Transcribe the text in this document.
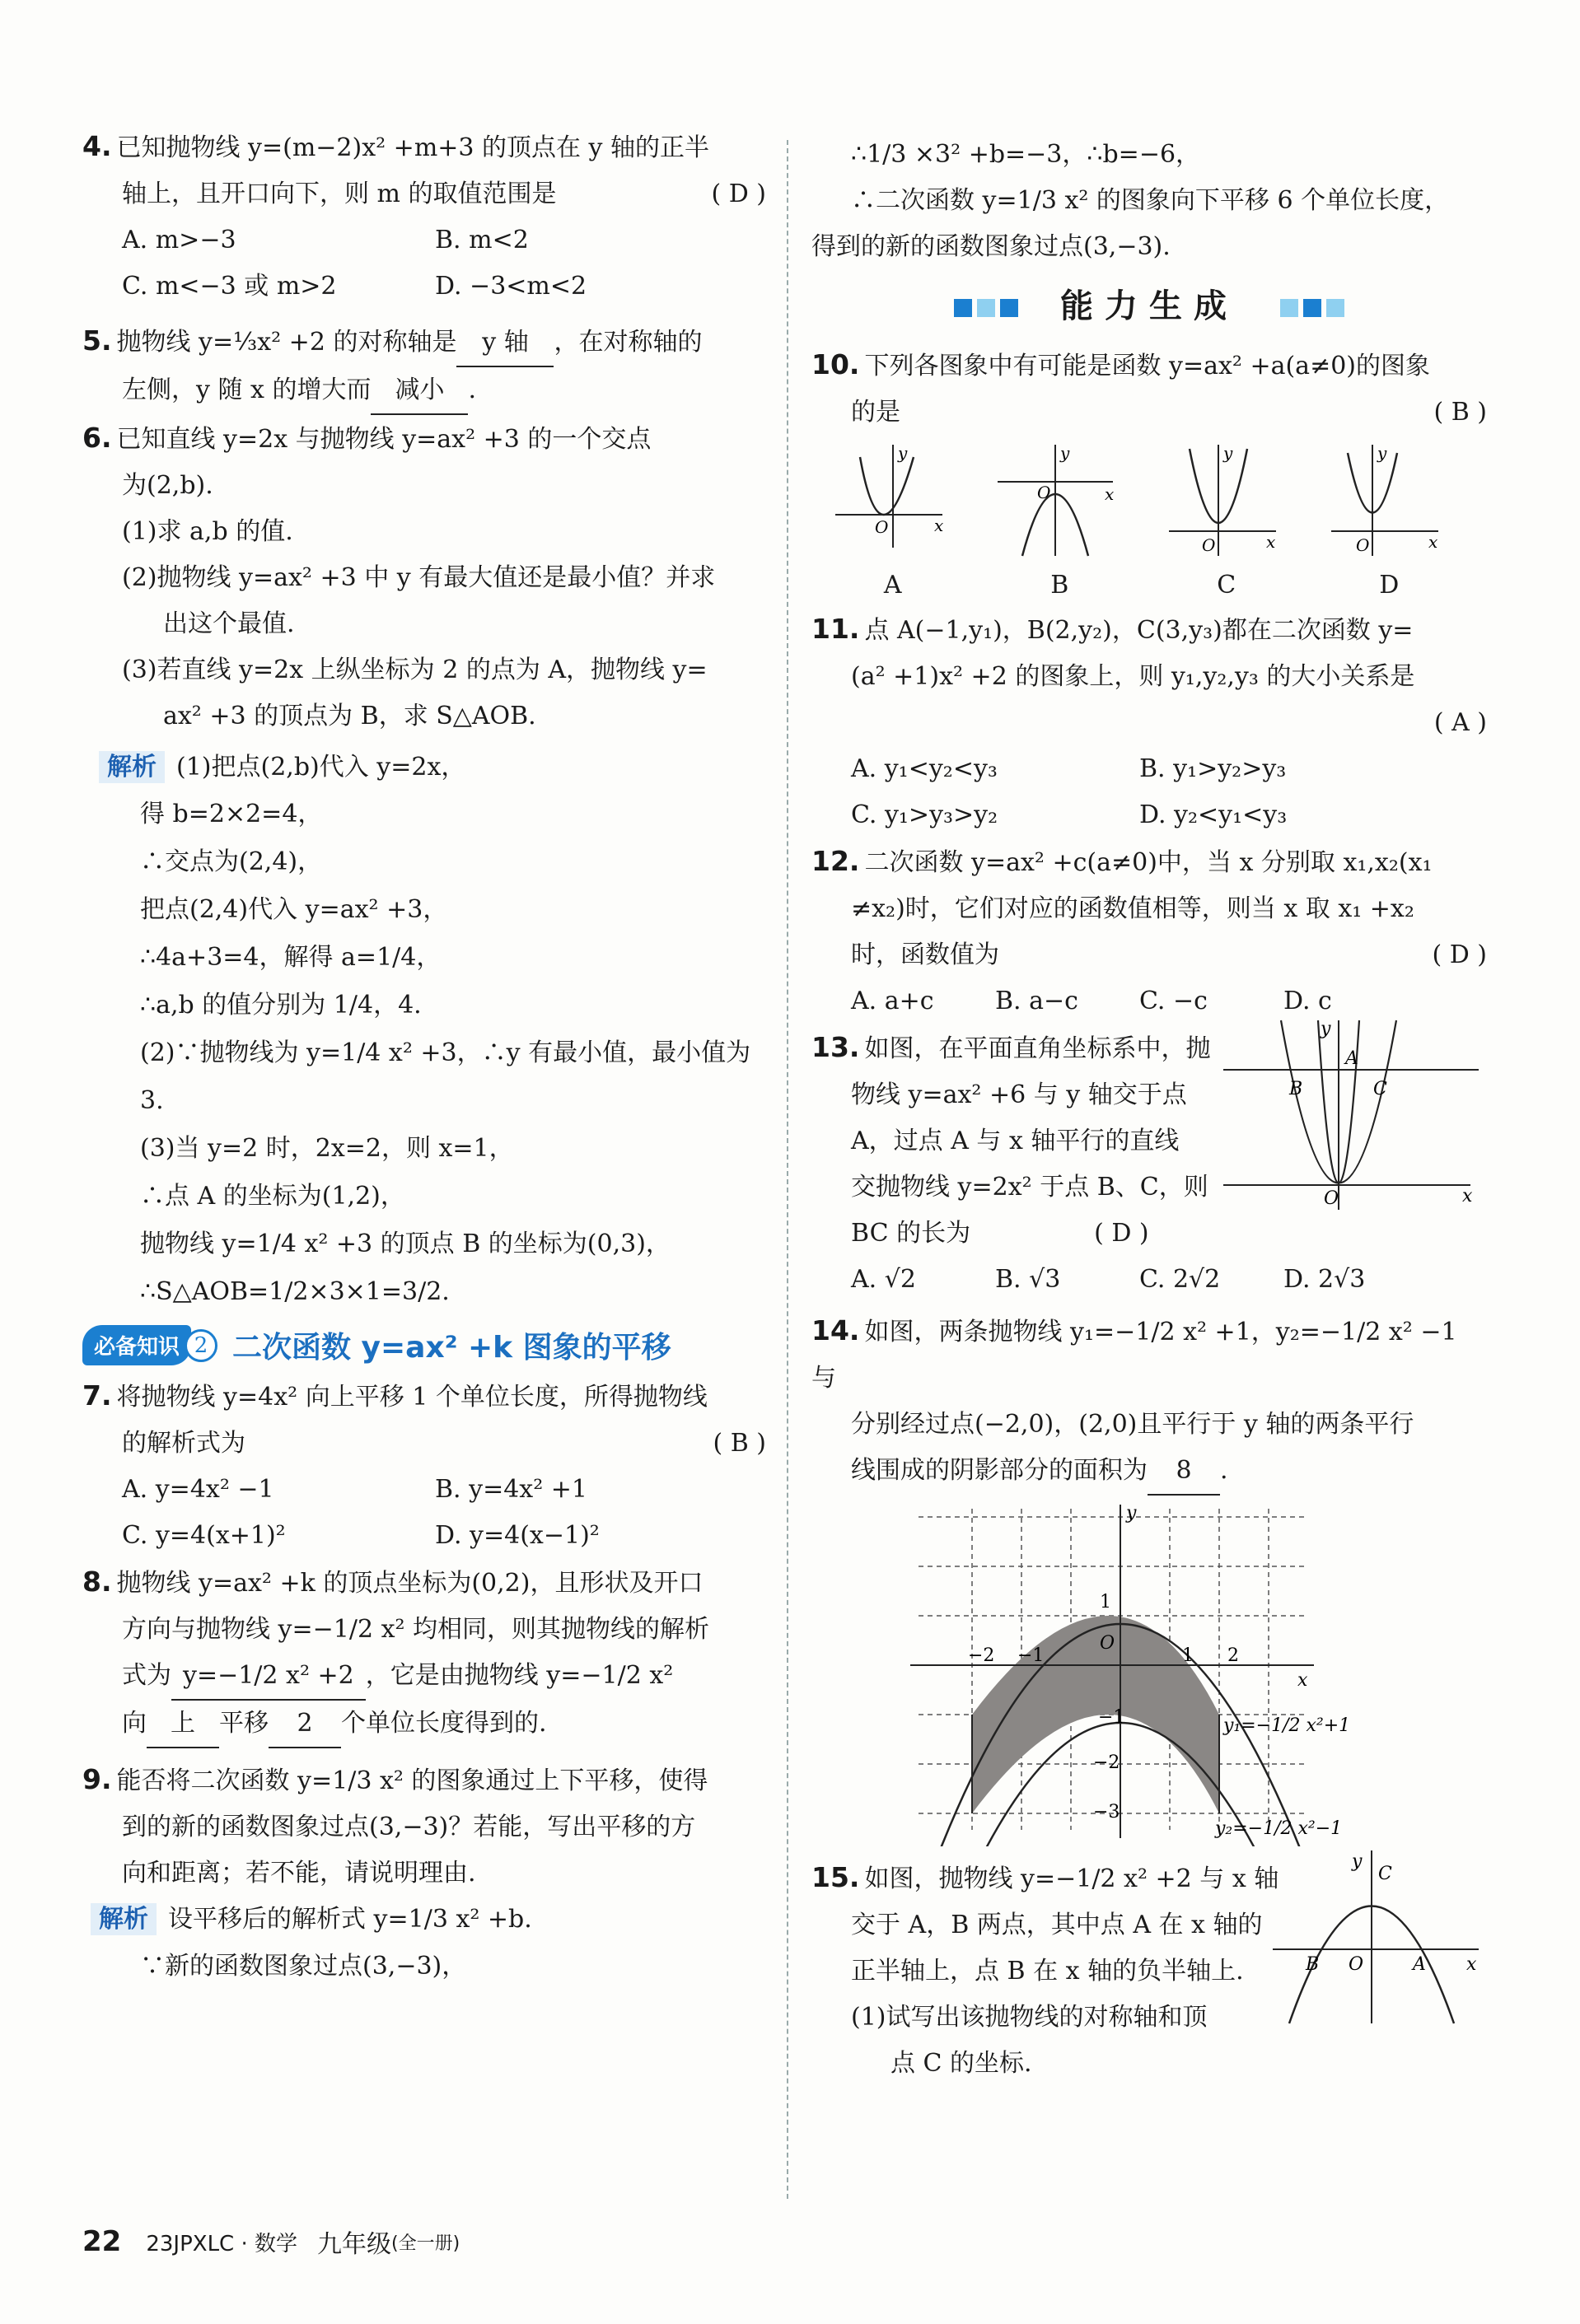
4. 已知抛物线 y=(m−2)x² +m+3 的顶点在 y 轴的正半

轴上，且开口向下，则 m 的取值范围是	( D )

A. m>−3	B. m<2
C. m<−3 或 m>2	D. −3<m<2

5. 抛物线 y=⅓x² +2 的对称轴是 y 轴 ，在对称轴的

左侧，y 随 x 的增大而 减小 .

6. 已知直线 y=2x 与抛物线 y=ax² +3 的一个交点

为(2,b).

(1)求 a,b 的值.

(2)抛物线 y=ax² +3 中 y 有最大值还是最小值？并求

出这个最值.

(3)若直线 y=2x 上纵坐标为 2 的点为 A，抛物线 y=

ax² +3 的顶点为 B，求 S△AOB.

解析 (1)把点(2,b)代入 y=2x，

得 b=2×2=4，

∴交点为(2,4)，

把点(2,4)代入 y=ax² +3，

∴4a+3=4，解得 a=1/4，

∴a,b 的值分别为 1/4，4.

(2)∵抛物线为 y=1/4 x² +3，∴y 有最小值，最小值为 3.

(3)当 y=2 时，2x=2，则 x=1，

∴点 A 的坐标为(1,2)，

抛物线 y=1/4 x² +3 的顶点 B 的坐标为(0,3)，

∴S△AOB=1/2×3×1=3/2.

必备知识 2 二次函数 y=ax² +k 图象的平移

7. 将抛物线 y=4x² 向上平移 1 个单位长度，所得抛物线

的解析式为	( B )

A. y=4x² −1	B. y=4x² +1
C. y=4(x+1)²	D. y=4(x−1)²

8. 抛物线 y=ax² +k 的顶点坐标为(0,2)，且形状及开口

方向与抛物线 y=−1/2 x² 均相同，则其抛物线的解析

式为 y=−1/2 x² +2 ，它是由抛物线 y=−1/2 x²

向 上 平移 2 个单位长度得到的.

9. 能否将二次函数 y=1/3 x² 的图象通过上下平移，使得

到的新的函数图象过点(3,−3)？若能，写出平移的方

向和距离；若不能，请说明理由.

解析 设平移后的解析式 y=1/3 x² +b.

∵新的函数图象过点(3,−3)，

∴1/3 ×3² +b=−3，∴b=−6，

∴二次函数 y=1/3 x² 的图象向下平移 6 个单位长度，

得到的新的函数图象过点(3,−3).

能力生成

10. 下列各图象中有可能是函数 y=ax² +a(a≠0)的图象

的是	( B )

y
x
O
A
y
x
O
B
y
x
O
C
y
x
O
D

11. 点 A(−1,y₁)，B(2,y₂)，C(3,y₃)都在二次函数 y=

(a² +1)x² +2 的图象上，则 y₁,y₂,y₃ 的大小关系是

( A )

A. y₁<y₂<y₃	B. y₁>y₂>y₃
C. y₁>y₃>y₂	D. y₂<y₁<y₃

12. 二次函数 y=ax² +c(a≠0)中，当 x 分别取 x₁,x₂(x₁

≠x₂)时，它们对应的函数值相等，则当 x 取 x₁ +x₂

时，函数值为	( D )

A. a+c	B. a−c	C. −c	D. c

13. 如图，在平面直角坐标系中，抛

物线 y=ax² +6 与 y 轴交于点

A，过点 A 与 x 轴平行的直线

交抛物线 y=2x² 于点 B、C，则

BC 的长为	( D )

y
A
B	C
O	x
A. √2	B. √3	C. 2√2	D. 2√3

14. 如图，两条抛物线 y₁=−1/2 x² +1，y₂=−1/2 x² −1 与

分别经过点(−2,0)，(2,0)且平行于 y 轴的两条平行

线围成的阴影部分的面积为 8 .

y
x
O
1
−1
−2
−3
−1
−2	1 2
y₁=−1/2 x²+1
y₂=−1/2 x²−1

15. 如图，抛物线 y=−1/2 x² +2 与 x 轴

交于 A，B 两点，其中点 A 在 x 轴的

正半轴上，点 B 在 x 轴的负半轴上.

(1)试写出该抛物线的对称轴和顶

点 C 的坐标.

y
C
B O	A x
22 23JPXLC · 数学 九年级 (全一册)
